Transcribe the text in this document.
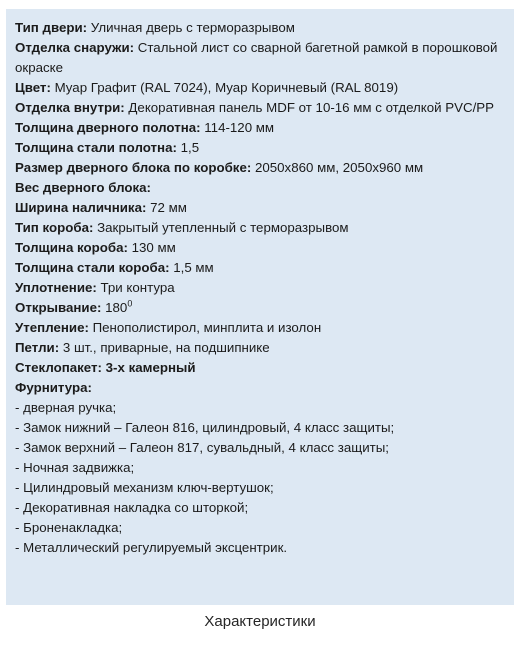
Тип двери: Уличная дверь с терморазрывом

Отделка снаружи: Стальной лист со сварной багетной рамкой в порошковой окраске

Цвет: Муар Графит (RAL 7024), Муар Коричневый (RAL 8019)

Отделка внутри: Декоративная панель MDF от 10-16 мм с отделкой PVC/PP

Толщина дверного полотна: 114-120 мм

Толщина стали полотна: 1,5

Размер дверного блока по коробке: 2050х860 мм, 2050х960 мм

Вес дверного блока:

Ширина наличника: 72 мм

Тип короба: Закрытый утепленный с терморазрывом

Толщина короба: 130 мм

Толщина стали короба: 1,5 мм

Уплотнение: Три контура

Открывание: $180^0$

Утепление: Пенополистирол, минплита и изолон

Петли: 3 шт., приварные, на подшипнике

Стеклопакет: 3-х камерный

Фурнитура:

- дверная ручка;

- Замок нижний – Галеон 816, цилиндровый, 4 класс защиты;

- Замок верхний – Галеон 817, сувальдный, 4 класс защиты;

- Ночная задвижка;

- Цилиндровый механизм ключ-вертушок;

- Декоративная накладка со шторкой;

- Броненакладка;

- Металлический регулируемый эксцентрик.

Характеристики
